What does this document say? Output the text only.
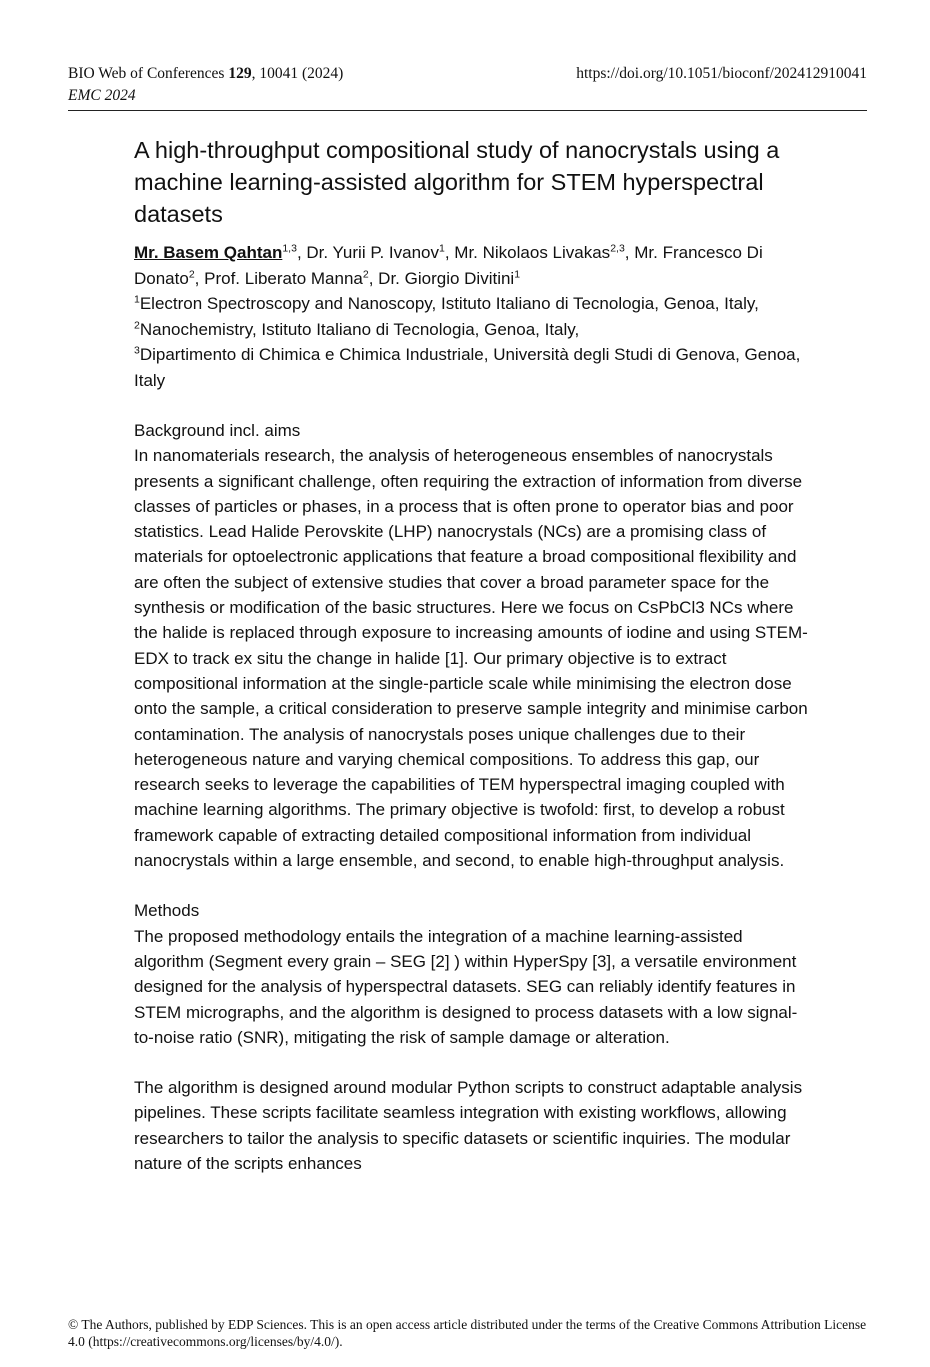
BIO Web of Conferences 129, 10041 (2024)
EMC 2024
https://doi.org/10.1051/bioconf/202412910041
A high-throughput compositional study of nanocrystals using a machine learning-assisted algorithm for STEM hyperspectral datasets
Mr. Basem Qahtan$^{1,3}$, Dr. Yurii P. Ivanov$^1$, Mr. Nikolaos Livakas$^{2,3}$, Mr. Francesco Di Donato$^2$, Prof. Liberato Manna$^2$, Dr. Giorgio Divitini$^1$
$^1$Electron Spectroscopy and Nanoscopy, Istituto Italiano di Tecnologia, Genoa, Italy, $^2$Nanochemistry, Istituto Italiano di Tecnologia, Genoa, Italy,
$^3$Dipartimento di Chimica e Chimica Industriale, Università degli Studi di Genova, Genoa, Italy
Background incl. aims

In nanomaterials research, the analysis of heterogeneous ensembles of nanocrystals presents a significant challenge, often requiring the extraction of information from diverse classes of particles or phases, in a process that is often prone to operator bias and poor statistics. Lead Halide Perovskite (LHP) nanocrystals (NCs) are a promising class of materials for optoelectronic applications that feature a broad compositional flexibility and are often the subject of extensive studies that cover a broad parameter space for the synthesis or modification of the basic structures. Here we focus on CsPbCl3 NCs where the halide is replaced through exposure to increasing amounts of iodine and using STEM-EDX to track ex situ the change in halide [1]. Our primary objective is to extract compositional information at the single-particle scale while minimising the electron dose onto the sample, a critical consideration to preserve sample integrity and minimise carbon contamination. The analysis of nanocrystals poses unique challenges due to their heterogeneous nature and varying chemical compositions. To address this gap, our research seeks to leverage the capabilities of TEM hyperspectral imaging coupled with machine learning algorithms. The primary objective is twofold: first, to develop a robust framework capable of extracting detailed compositional information from individual nanocrystals within a large ensemble, and second, to enable high-throughput analysis.

Methods

The proposed methodology entails the integration of a machine learning-assisted algorithm (Segment every grain – SEG [2] ) within HyperSpy [3], a versatile environment designed for the analysis of hyperspectral datasets. SEG can reliably identify features in STEM micrographs, and the algorithm is designed to process datasets with a low signal-to-noise ratio (SNR), mitigating the risk of sample damage or alteration.

The algorithm is designed around modular Python scripts to construct adaptable analysis pipelines. These scripts facilitate seamless integration with existing workflows, allowing researchers to tailor the analysis to specific datasets or scientific inquiries. The modular nature of the scripts enhances

© The Authors, published by EDP Sciences. This is an open access article distributed under the terms of the Creative Commons Attribution License 4.0 (https://creativecommons.org/licenses/by/4.0/).
